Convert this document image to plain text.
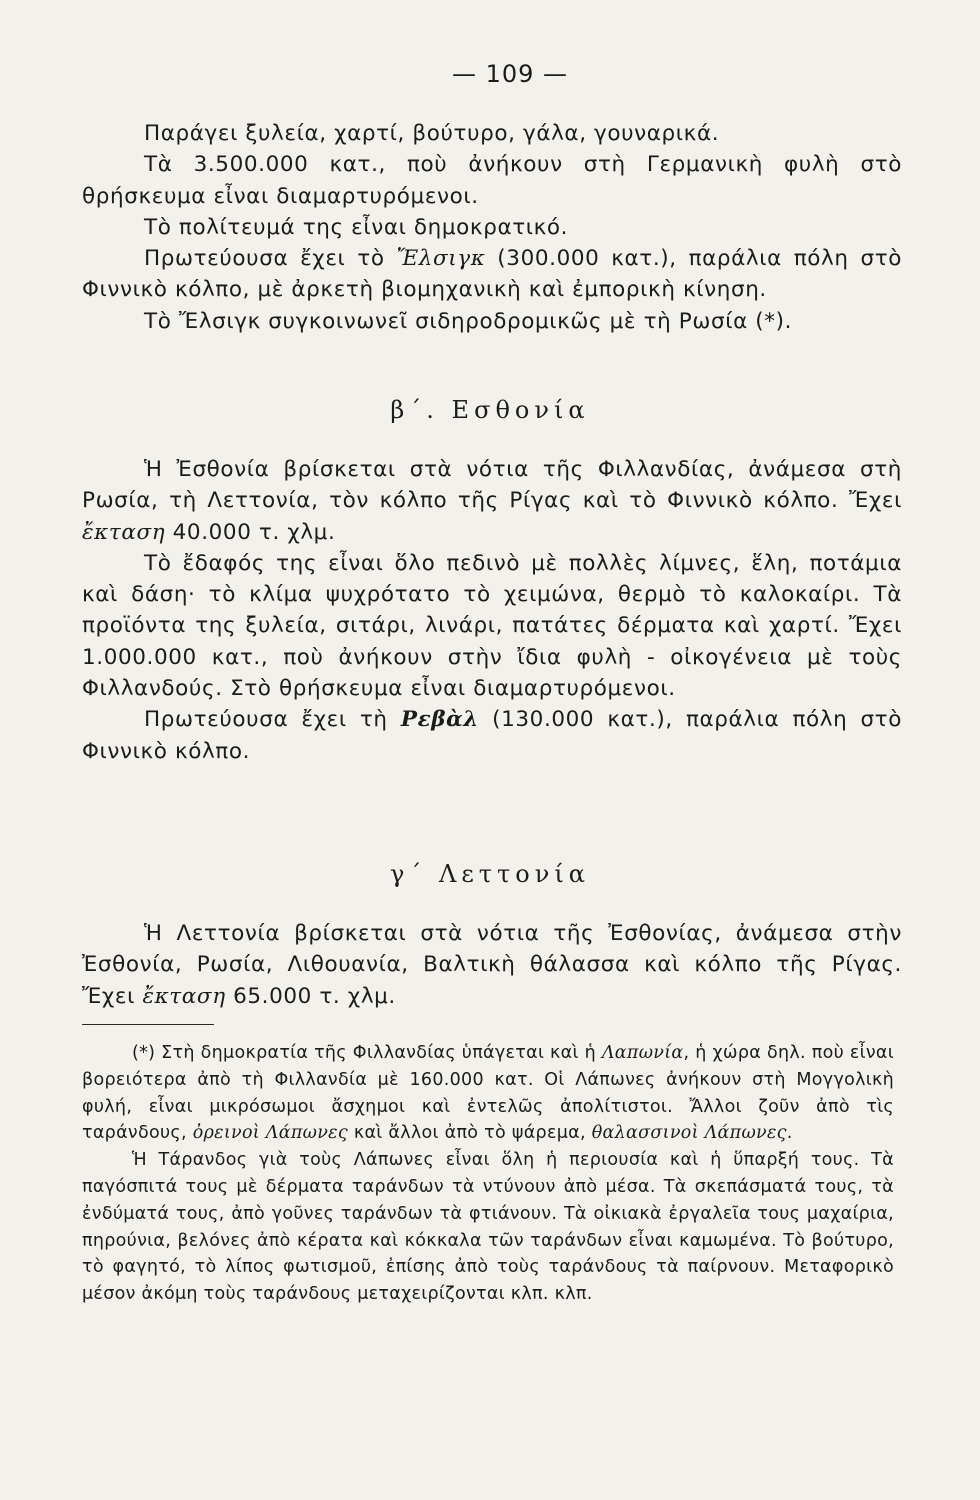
— 109 —

Παράγει ξυλεία, χαρτί, βούτυρο, γάλα, γουναρικά.

Τὰ 3.500.000 κατ., ποὺ ἀνήκουν στὴ Γερμανικὴ φυλὴ στὸ θρήσκευμα εἶναι διαμαρτυρόμενοι.

Τὸ πολίτευμά της εἶναι δημοκρατικό.

Πρωτεύουσα ἔχει τὸ Ἔλσιγκ (300.000 κατ.), παράλια πόλη στὸ Φιννικὸ κόλπο, μὲ ἀρκετὴ βιομηχανικὴ καὶ ἐμπορικὴ κίνηση.

Τὸ Ἔλσιγκ συγκοινωνεῖ σιδηροδρομικῶς μὲ τὴ Ρωσία (*).

β΄. Εσθονία

Ἡ Ἐσθονία βρίσκεται στὰ νότια τῆς Φιλλανδίας, ἀνάμεσα στὴ Ρωσία, τὴ Λεττονία, τὸν κόλπο τῆς Ρίγας καὶ τὸ Φιννικὸ κόλπο. Ἔχει ἔκταση 40.000 τ. χλμ.

Τὸ ἔδαφός της εἶναι ὅλο πεδινὸ μὲ πολλὲς λίμνες, ἕλη, ποτάμια καὶ δάση· τὸ κλίμα ψυχρότατο τὸ χειμώνα, θερμὸ τὸ καλοκαίρι. Τὰ προϊόντα της ξυλεία, σιτάρι, λινάρι, πατάτες δέρματα καὶ χαρτί. Ἔχει 1.000.000 κατ., ποὺ ἀνήκουν στὴν ἴδια φυλὴ - οἰκογένεια μὲ τοὺς Φιλλανδούς. Στὸ θρήσκευμα εἶναι διαμαρτυρόμενοι.

Πρωτεύουσα ἔχει τὴ Ρεβὰλ (130.000 κατ.), παράλια πόλη στὸ Φιννικὸ κόλπο.

γ΄ Λεττονία

Ἡ Λεττονία βρίσκεται στὰ νότια τῆς Ἐσθονίας, ἀνάμεσα στὴν Ἐσθονία, Ρωσία, Λιθουανία, Βαλτικὴ θάλασσα καὶ κόλπο τῆς Ρίγας. Ἔχει ἔκταση 65.000 τ. χλμ.

(*) Στὴ δημοκρατία τῆς Φιλλανδίας ὑπάγεται καὶ ἡ Λαπωνία, ἡ χώρα δηλ. ποὺ εἶναι βορειότερα ἀπὸ τὴ Φιλλανδία μὲ 160.000 κατ. Οἱ Λάπωνες ἀνήκουν στὴ Μογγολικὴ φυλή, εἶναι μικρόσωμοι ἄσχημοι καὶ ἐντελῶς ἀπολίτιστοι. Ἄλλοι ζοῦν ἀπὸ τὶς ταράνδους, ὀρεινοὶ Λάπωνες καὶ ἄλλοι ἀπὸ τὸ ψάρεμα, θαλασσινοὶ Λάπωνες.

Ἡ Τάρανδος γιὰ τοὺς Λάπωνες εἶναι ὅλη ἡ περιουσία καὶ ἡ ὕπαρξή τους. Τὰ παγόσπιτά τους μὲ δέρματα ταράνδων τὰ ντύνουν ἀπὸ μέσα. Τὰ σκεπάσματά τους, τὰ ἐνδύματά τους, ἀπὸ γοῦνες ταράνδων τὰ φτιάνουν. Τὰ οἰκιακὰ ἐργαλεῖα τους μαχαίρια, πηρούνια, βελόνες ἀπὸ κέρατα καὶ κόκκαλα τῶν ταράνδων εἶναι καμωμένα. Τὸ βούτυρο, τὸ φαγητό, τὸ λίπος φωτισμοῦ, ἐπίσης ἀπὸ τοὺς ταράνδους τὰ παίρνουν. Μεταφορικὸ μέσον ἀκόμη τοὺς ταράνδους μεταχειρίζονται κλπ. κλπ.
